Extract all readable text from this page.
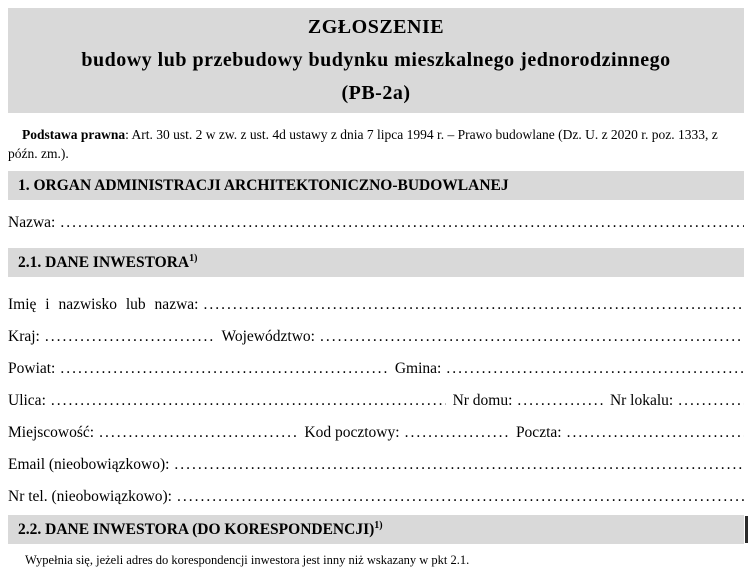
ZGŁOSZENIE
budowy lub przebudowy budynku mieszkalnego jednorodzinnego
(PB-2a)

Podstawa prawna: Art. 30 ust. 2 w zw. z ust. 4d ustawy z dnia 7 lipca 1994 r. – Prawo budowlane (Dz. U. z 2020 r. poz. 1333, z późn. zm.).

1. ORGAN ADMINISTRACJI ARCHITEKTONICZNO-BUDOWLANEJ
Nazwa:
.....
2.1. DANE INWESTORA$^{1)}$
Imię i nazwisko lub nazwa:
.....
Kraj: .....	Województwo:
.....
Powiat: .....	Gmina:
.....
Ulica: .....	Nr domu: .....	Nr lokalu:
.....
Miejscowość: .....	Kod pocztowy: .....	Poczta:
.....
Email (nieobowiązkowo):
.....
Nr tel. (nieobowiązkowo):
.....
2.2. DANE INWESTORA (DO KORESPONDENCJI)$^{1)}$

Wypełnia się, jeżeli adres do korespondencji inwestora jest inny niż wskazany w pkt 2.1.
